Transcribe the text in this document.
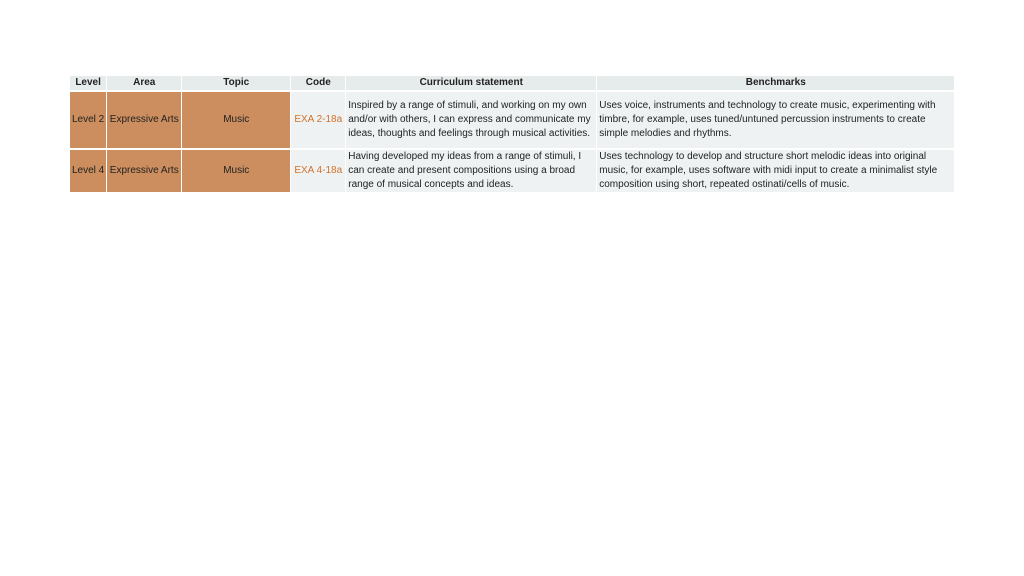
Level	Area	Topic	Code	Curriculum statement	Benchmarks
Level 2	Expressive Arts	Music	EXA 2-18a	Inspired by a range of stimuli, and working on my own and/or with others, I can express and communicate my ideas, thoughts and feelings through musical activities.	Uses voice, instruments and technology to create music, experimenting with timbre, for example, uses tuned/untuned percussion instruments to create simple melodies and rhythms.
Level 4	Expressive Arts	Music	EXA 4-18a	Having developed my ideas from a range of stimuli, I can create and present compositions using a broad range of musical concepts and ideas.	Uses technology to develop and structure short melodic ideas into original music, for example, uses software with midi input to create a minimalist style composition using short, repeated ostinati/cells of music.
